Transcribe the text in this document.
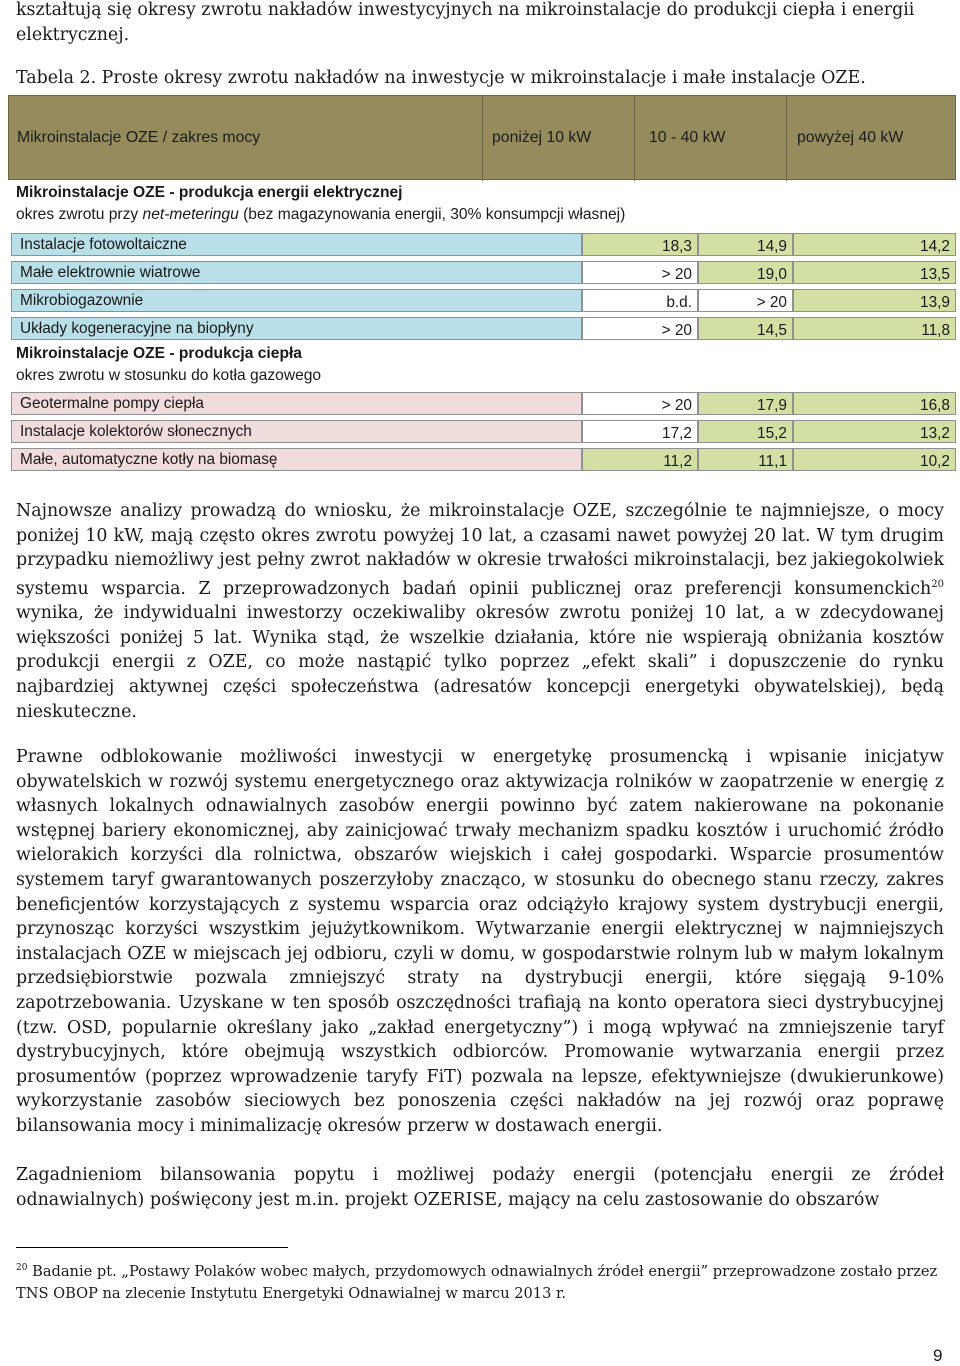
kształtują się okresy zwrotu nakładów inwestycyjnych na mikroinstalacje do produkcji ciepła i energii
elektrycznej.

Tabela 2. Proste okresy zwrotu nakładów na inwestycje w mikroinstalacje i małe instalacje OZE.

Mikroinstalacje OZE / zakres mocy	poniżej 10 kW	10 - 40 kW	powyżej 40 kW
Mikroinstalacje OZE - produkcja energii elektrycznej
okres zwrotu przy net-meteringu (bez magazynowania energii, 30% konsumpcji własnej)
Instalacje fotowoltaiczne	18,3	14,9	14,2
Małe elektrownie wiatrowe	> 20	19,0	13,5
Mikrobiogazownie	b.d.	> 20	13,9
Układy kogeneracyjne na biopłyny	> 20	14,5	11,8
Mikroinstalacje OZE - produkcja ciepła
okres zwrotu w stosunku do kotła gazowego
Geotermalne pompy ciepła	> 20	17,9	16,8
Instalacje kolektorów słonecznych	17,2	15,2	13,2
Małe, automatyczne kotły na biomasę	11,2	11,1	10,2

Najnowsze analizy prowadzą do wniosku, że mikroinstalacje OZE, szczególnie te najmniejsze, o mocy poniżej 10 kW, mają często okres zwrotu powyżej 10 lat, a czasami nawet powyżej 20 lat. W tym drugim przypadku niemożliwy jest pełny zwrot nakładów w okresie trwałości mikroinstalacji, bez jakiegokolwiek systemu wsparcia. Z przeprowadzonych badań opinii publicznej oraz preferencji konsumenckich$^{20}$ wynika, że indywidualni inwestorzy oczekiwaliby okresów zwrotu poniżej 10 lat, a w zdecydowanej większości poniżej 5 lat. Wynika stąd, że wszelkie działania, które nie wspierają obniżania kosztów produkcji energii z OZE, co może nastąpić tylko poprzez „efekt skali” i dopuszczenie do rynku najbardziej aktywnej części społeczeństwa (adresatów koncepcji energetyki obywatelskiej), będą nieskuteczne.

Prawne odblokowanie możliwości inwestycji w energetykę prosumencką i wpisanie inicjatyw obywatelskich w rozwój systemu energetycznego oraz aktywizacja rolników w zaopatrzenie w energię z własnych lokalnych odnawialnych zasobów energii powinno być zatem nakierowane na pokonanie wstępnej bariery ekonomicznej, aby zainicjować trwały mechanizm spadku kosztów i uruchomić źródło wielorakich korzyści dla rolnictwa, obszarów wiejskich i całej gospodarki. Wsparcie prosumentów systemem taryf gwarantowanych poszerzyłoby znacząco, w stosunku do obecnego stanu rzeczy, zakres beneficjentów korzystających z systemu wsparcia oraz odciążyło krajowy system dystrybucji energii, przynosząc korzyści wszystkim jejużytkownikom. Wytwarzanie energii elektrycznej w najmniejszych instalacjach OZE w miejscach jej odbioru, czyli w domu, w gospodarstwie rolnym lub w małym lokalnym przedsiębiorstwie pozwala zmniejszyć straty na dystrybucji energii, które sięgają 9-10% zapotrzebowania. Uzyskane w ten sposób oszczędności trafiają na konto operatora sieci dystrybucyjnej (tzw. OSD, popularnie określany jako „zakład energetyczny”) i mogą wpływać na zmniejszenie taryf dystrybucyjnych, które obejmują wszystkich odbiorców. Promowanie wytwarzania energii przez prosumentów (poprzez wprowadzenie taryfy FiT) pozwala na lepsze, efektywniejsze (dwukierunkowe) wykorzystanie zasobów sieciowych bez ponoszenia części nakładów na jej rozwój oraz poprawę bilansowania mocy i minimalizację okresów przerw w dostawach energii.

Zagadnieniom bilansowania popytu i możliwej podaży energii (potencjału energii ze źródeł odnawialnych) poświęcony jest m.in. projekt OZERISE, mający na celu zastosowanie do obszarów

$^{20}$ Badanie pt. „Postawy Polaków wobec małych, przydomowych odnawialnych źródeł energii” przeprowadzone zostało przez
TNS OBOP na zlecenie Instytutu Energetyki Odnawialnej w marcu 2013 r.
9
